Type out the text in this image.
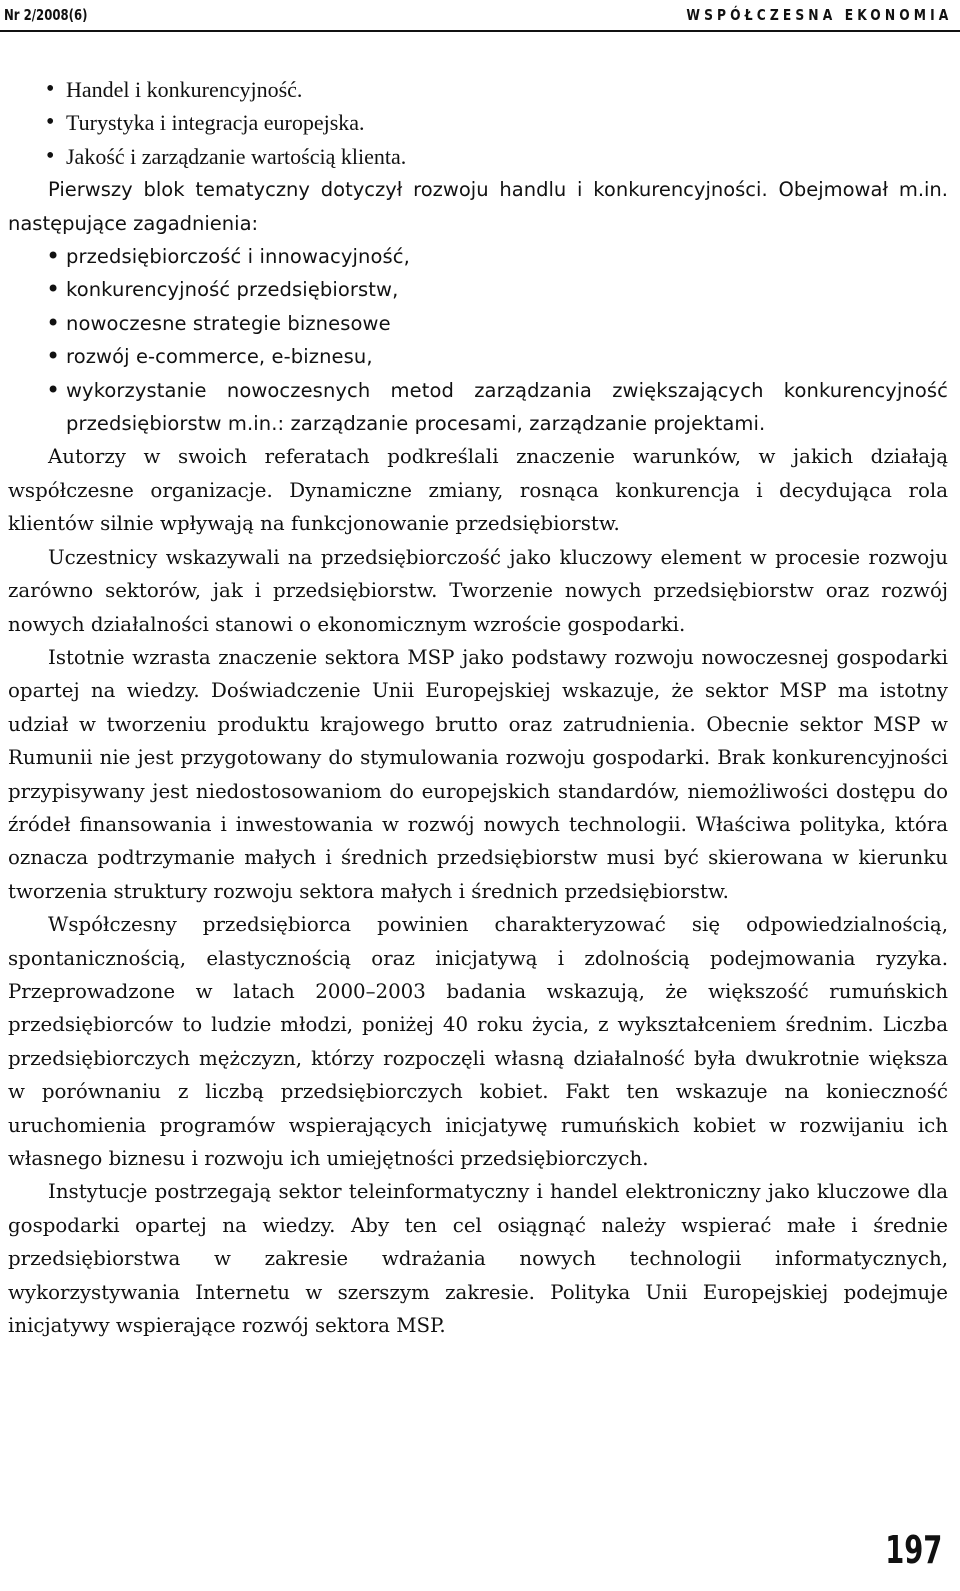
Nr 2/2008(6)	WSPÓŁCZESNA EKONOMIA
• Handel i konkurencyjność.
• Turystyka i integracja europejska.
• Jakość i zarządzanie wartością klienta.

Pierwszy blok tematyczny dotyczył rozwoju handlu i konkurencyjności. Obejmował m.in. następujące zagadnienia:

• przedsiębiorczość i innowacyjność,
• konkurencyjność przedsiębiorstw,
• nowoczesne strategie biznesowe
• rozwój e-commerce, e-biznesu,
• wykorzystanie nowoczesnych metod zarządzania zwiększających konkurencyjność przedsiębiorstw m.in.: zarządzanie procesami, zarządzanie projektami.

Autorzy w swoich referatach podkreślali znaczenie warunków, w jakich działają współczesne organizacje. Dynamiczne zmiany, rosnąca konkurencja i decydująca rola klientów silnie wpływają na funkcjonowanie przedsiębiorstw.

Uczestnicy wskazywali na przedsiębiorczość jako kluczowy element w procesie rozwoju zarówno sektorów, jak i przedsiębiorstw. Tworzenie nowych przedsiębiorstw oraz rozwój nowych działalności stanowi o ekonomicznym wzroście gospodarki.

Istotnie wzrasta znaczenie sektora MSP jako podstawy rozwoju nowoczesnej gospodarki opartej na wiedzy. Doświadczenie Unii Europejskiej wskazuje, że sektor MSP ma istotny udział w tworzeniu produktu krajowego brutto oraz zatrudnienia. Obecnie sektor MSP w Rumunii nie jest przygotowany do stymulowania rozwoju gospodarki. Brak konkurencyjności przypisywany jest niedostosowaniom do europejskich standardów, niemożliwości dostępu do źródeł finansowania i inwestowania w rozwój nowych technologii. Właściwa polityka, która oznacza podtrzymanie małych i średnich przedsiębiorstw musi być skierowana w kierunku tworzenia struktury rozwoju sektora małych i średnich przedsiębiorstw.

Współczesny przedsiębiorca powinien charakteryzować się odpowiedzialnością, spontanicznością, elastycznością oraz inicjatywą i zdolnością podejmowania ryzyka. Przeprowadzone w latach 2000–2003 badania wskazują, że większość rumuńskich przedsiębiorców to ludzie młodzi, poniżej 40 roku życia, z wykształceniem średnim. Liczba przedsiębiorczych mężczyzn, którzy rozpoczęli własną działalność była dwukrotnie większa w porównaniu z liczbą przedsiębiorczych kobiet. Fakt ten wskazuje na konieczność uruchomienia programów wspierających inicjatywę rumuńskich kobiet w rozwijaniu ich własnego biznesu i rozwoju ich umiejętności przedsiębiorczych.

Instytucje postrzegają sektor teleinformatyczny i handel elektroniczny jako kluczowe dla gospodarki opartej na wiedzy. Aby ten cel osiągnąć należy wspierać małe i średnie przedsiębiorstwa w zakresie wdrażania nowych technologii informatycznych, wykorzystywania Internetu w szerszym zakresie. Polityka Unii Europejskiej podejmuje inicjatywy wspierające rozwój sektora MSP.

197
